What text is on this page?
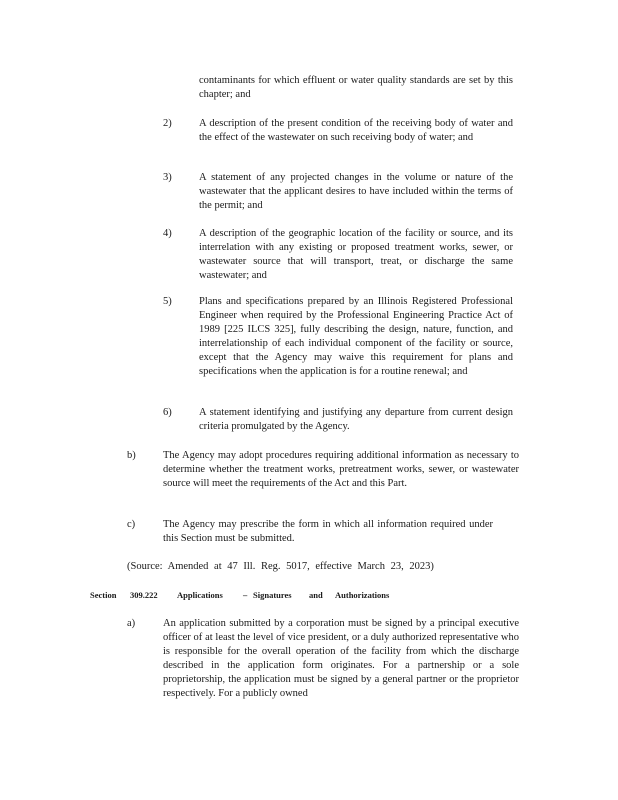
contaminants for which effluent or water quality standards are set by this chapter; and
2)	A description of the present condition of the receiving body of water and the effect of the wastewater on such receiving body of water; and
3)	A statement of any projected changes in the volume or nature of the wastewater that the applicant desires to have included within the terms of the permit; and
4)	A description of the geographic location of the facility or source, and its interrelation with any existing or proposed treatment works, sewer, or wastewater source that will transport, treat, or discharge the same wastewater; and
5)	Plans and specifications prepared by an Illinois Registered Professional Engineer when required by the Professional Engineering Practice Act of 1989 [225 ILCS 325], fully describing the design, nature, function, and interrelationship of each individual component of the facility or source, except that the Agency may waive this requirement for plans and specifications when the application is for a routine renewal; and
6)	A statement identifying and justifying any departure from current design criteria promulgated by the Agency.
b)	The Agency may adopt procedures requiring additional information as necessary to determine whether the treatment works, pretreatment works, sewer, or wastewater source will meet the requirements of the Act and this Part.
c)	The Agency may prescribe the form in which all information required under this Section must be submitted.
(Source: Amended at 47 Ill. Reg. 5017, effective March 23, 2023)
Section 309.222 Applications – Signatures and Authorizations
a)	An application submitted by a corporation must be signed by a principal executive officer of at least the level of vice president, or a duly authorized representative who is responsible for the overall operation of the facility from which the discharge described in the application form originates. For a partnership or a sole proprietorship, the application must be signed by a general partner or the proprietor respectively. For a publicly owned
